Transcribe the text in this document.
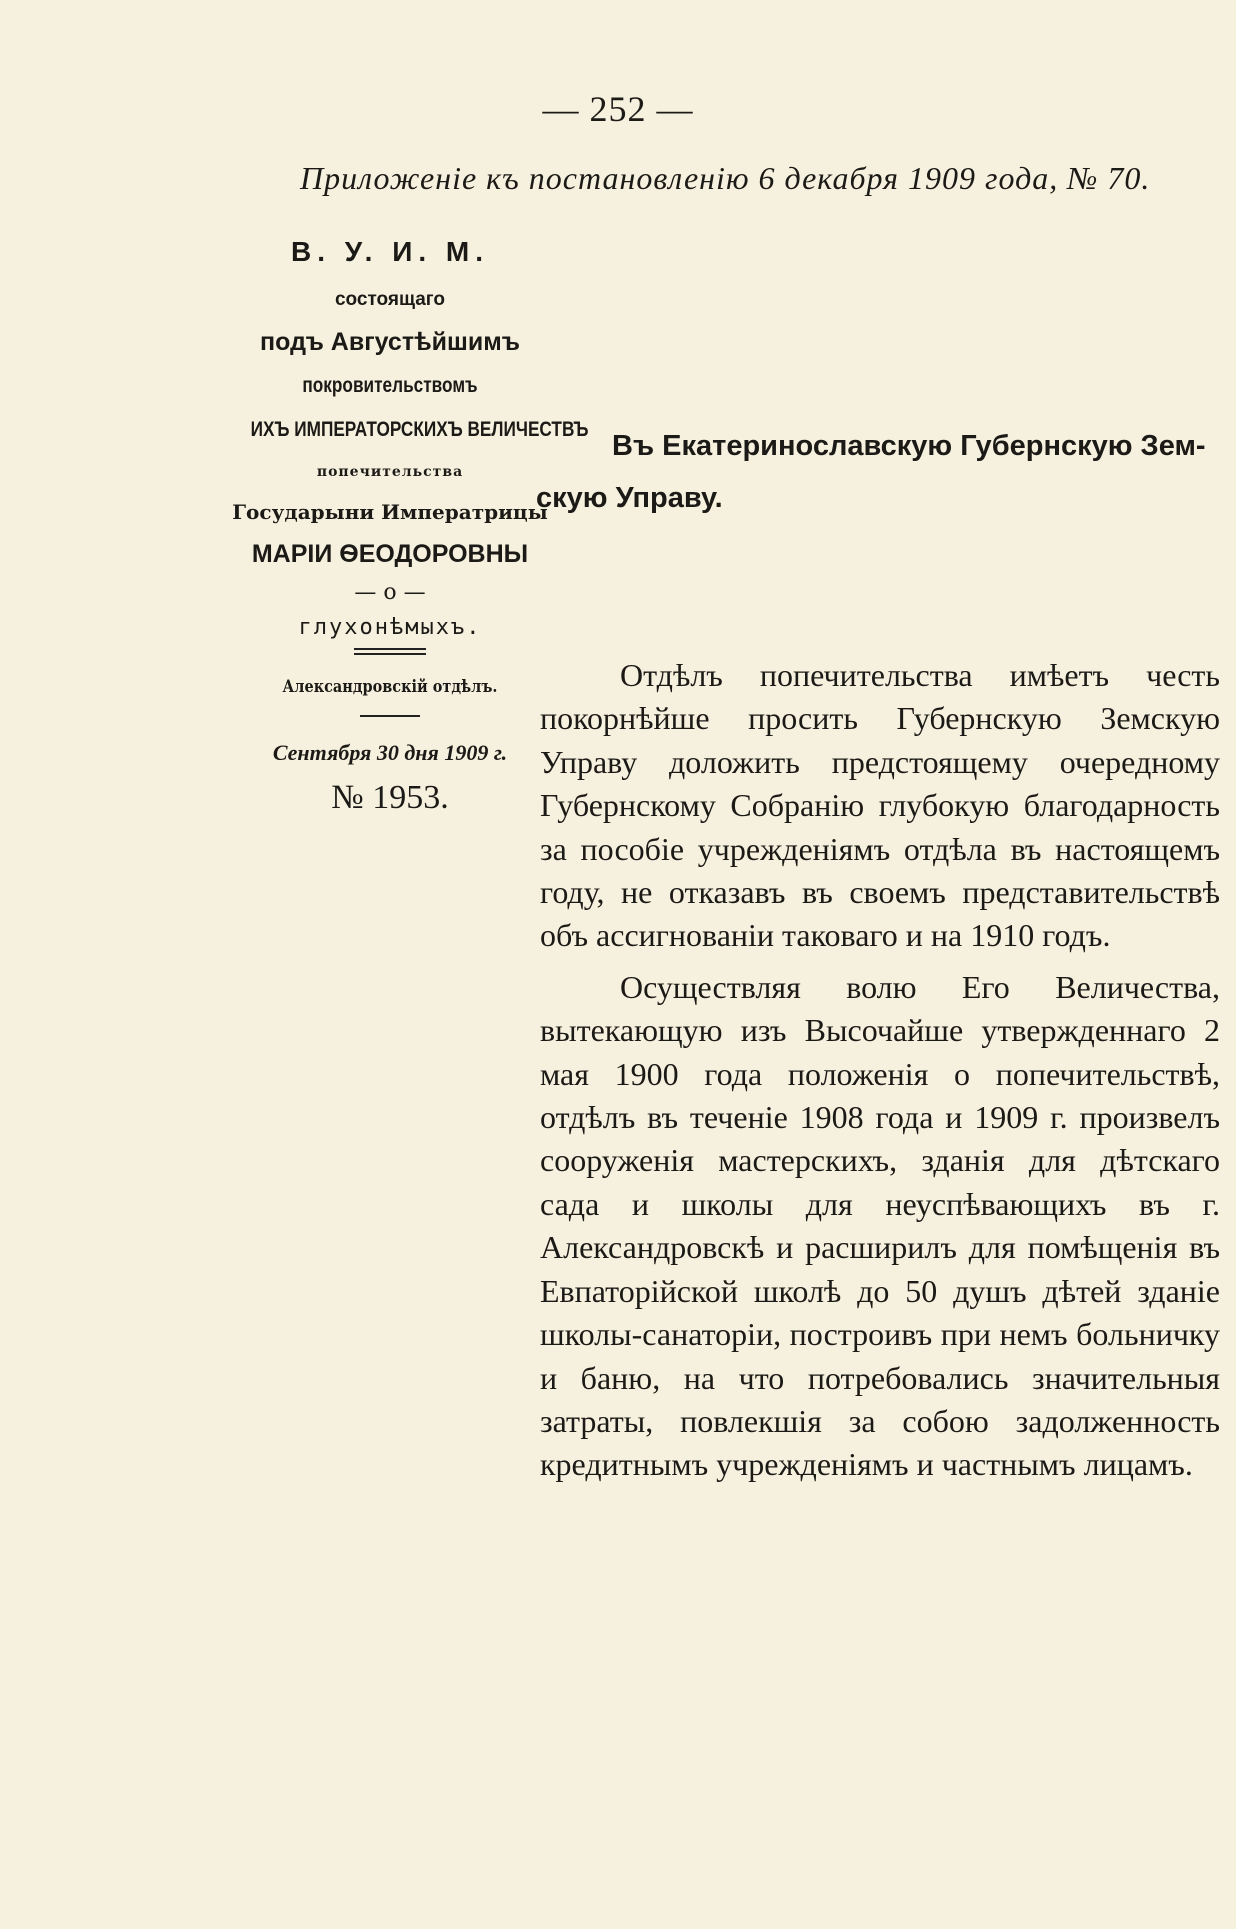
— 252 —
Приложеніе къ постановленію 6 декабря 1909 года, № 70.
В. У. И. М.
состоящаго
подъ Августѣйшимъ
покровительствомъ
ИХЪ ИМПЕРАТОРСКИХЪ ВЕЛИЧЕСТВЪ
попечительства
Государыни Императрицы
МАРІИ ѲЕОДОРОВНЫ
— о —
глухонѣмыхъ.
Александровскій отдѣлъ.
Сентября 30 дня 1909 г.
№ 1953.
Въ Екатеринославскую Губернскую Зем-
скую Управу.

Отдѣлъ попечительства имѣетъ честь покорнѣйше просить Губернскую Земскую Управу доложить предстоящему очередному Губернскому Собранію глубокую благодарность за пособіе учрежденіямъ отдѣла въ настоящемъ году, не отказавъ въ своемъ представительствѣ объ ассигнованіи таковаго и на 1910 годъ.

Осуществляя волю Его Величества, вытекающую изъ Высочайше утвержденнаго 2 мая 1900 года положенія о попечительствѣ, отдѣлъ въ теченіе 1908 года и 1909 г. произвелъ сооруженія мастерскихъ, зданія для дѣтскаго сада и школы для неуспѣвающихъ въ г. Александровскѣ и расширилъ для помѣщенія въ Евпаторійской школѣ до 50 душъ дѣтей зданіе школы-санаторіи, построивъ при немъ больничку и баню, на что потребовались значительныя затраты, повлекшія за собою задолженность кредитнымъ учрежденіямъ и частнымъ лицамъ.
